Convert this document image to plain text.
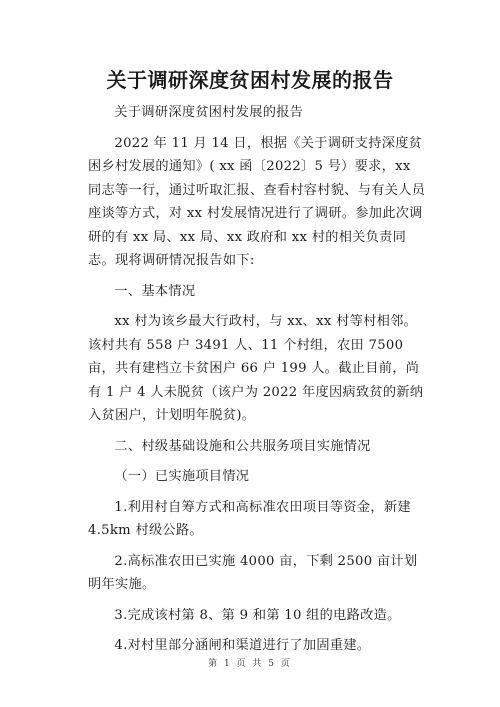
关于调研深度贫困村发展的报告

关于调研深度贫困村发展的报告

2022 年 11 月 14 日，根据《关于调研支持深度贫困乡村发展的通知》( xx 函〔2022〕5 号）要求，xx 同志等一行，通过听取汇报、查看村容村貌、与有关人员座谈等方式，对 xx 村发展情况进行了调研。参加此次调研的有 xx 局、xx 局、xx 政府和 xx 村的相关负责同志。现将调研情况报告如下:

一、基本情况

xx 村为该乡最大行政村，与 xx、xx 村等村相邻。该村共有 558 户 3491 人、11 个村组，农田 7500 亩，共有建档立卡贫困户 66 户 199 人。截止目前，尚有 1 户 4 人未脱贫（该户为 2022 年度因病致贫的新纳入贫困户，计划明年脱贫)。

二、村级基础设施和公共服务项目实施情况

（一）已实施项目情况

1.利用村自筹方式和高标准农田项目等资金，新建 4.5km 村级公路。

2.高标准农田已实施 4000 亩，下剩 2500 亩计划明年实施。

3.完成该村第 8、第 9 和第 10 组的电路改造。

4.对村里部分涵闸和渠道进行了加固重建。

第 1 页 共 5 页
